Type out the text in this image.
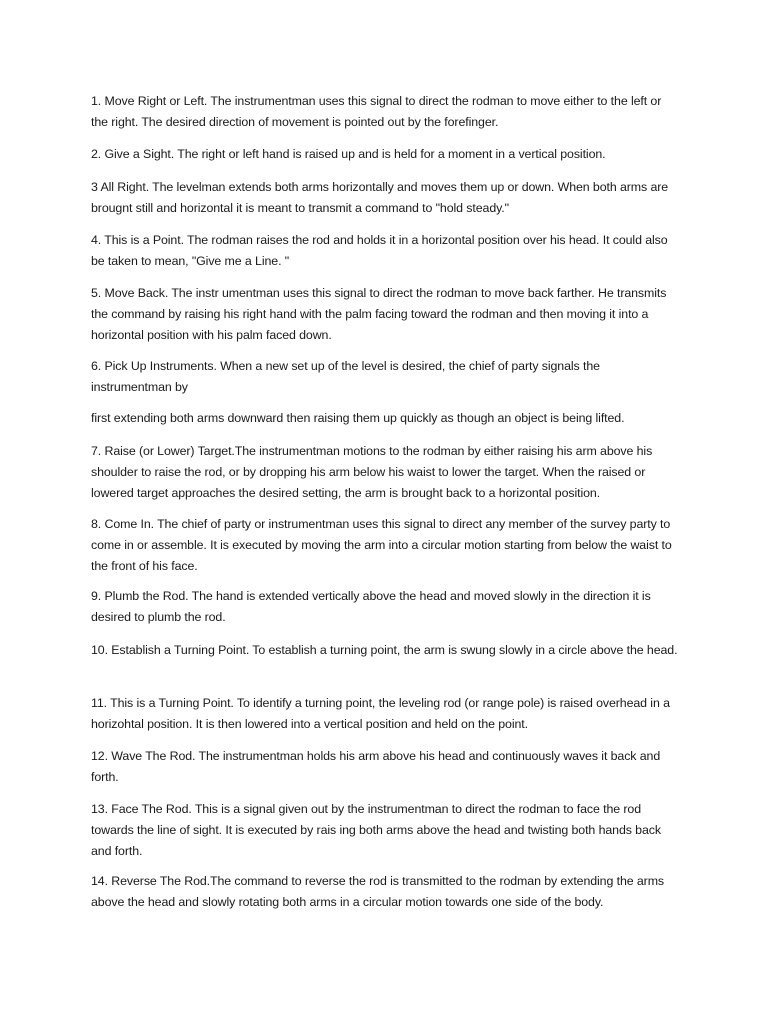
1. Move Right or Left. The instrumentman uses this signal to direct the rodman to move either to the left or the right. The desired direction of movement is pointed out by the forefinger.

2. Give a Sight. The right or left hand is raised up and is held for a moment in a vertical position.

3 All Right. The levelman extends both arms horizontally and moves them up or down. When both arms are brougnt still and horizontal it is meant to transmit a command to "hold steady."

4. This is a Point. The rodman raises the rod and holds it in a horizontal position over his head. It could also be taken to mean, "Give me a Line. "

5. Move Back. The instr umentman uses this signal to direct the rodman to move back farther. He transmits the command by raising his right hand with the palm facing toward the rodman and then moving it into a horizontal position with his palm faced down.

6. Pick Up Instruments. When a new set up of the level is desired, the chief of party signals the instrumentman by

first extending both arms downward then raising them up quickly as though an object is being lifted.

7. Raise (or Lower) Target.The instrumentman motions to the rodman by either raising his arm above his shoulder to raise the rod, or by dropping his arm below his waist to lower the target. When the raised or lowered target approaches the desired setting, the arm is brought back to a horizontal position.

8. Come In. The chief of party or instrumentman uses this signal to direct any member of the survey party to come in or assemble. It is executed by moving the arm into a circular motion starting from below the waist to the front of his face.

9. Plumb the Rod. The hand is extended vertically above the head and moved slowly in the direction it is desired to plumb the rod.

10. Establish a Turning Point. To establish a turning point, the arm is swung slowly in a circle above the head.

11. This is a Turning Point. To identify a turning point, the leveling rod (or range pole) is raised overhead in a horizohtal position. It is then lowered into a vertical position and held on the point.

12. Wave The Rod. The instrumentman holds his arm above his head and continuously waves it back and forth.

13. Face The Rod. This is a signal given out by the instrumentman to direct the rodman to face the rod towards the line of sight. It is executed by rais ing both arms above the head and twisting both hands back and forth.

14. Reverse The Rod.The command to reverse the rod is transmitted to the rodman by extending the arms above the head and slowly rotating both arms in a circular motion towards one side of the body.
